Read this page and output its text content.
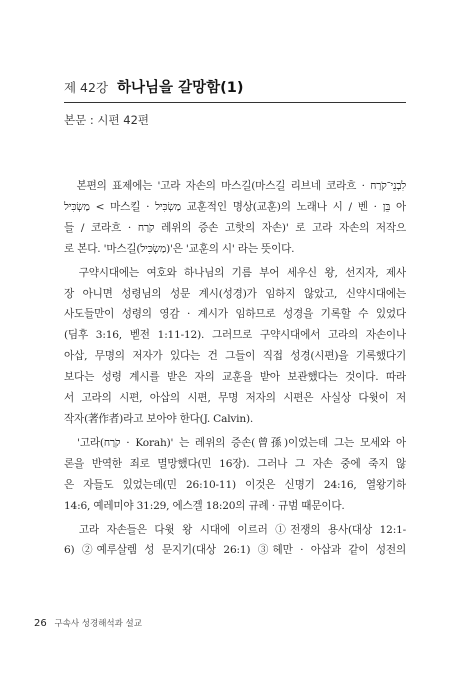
제 42강 하나님을 갈망함(1)
본문 : 시편 42편
　본편의 표제에는 '고라 자손의 마스길(마스길 리브네 코라흐 · לִבְנֵי־קֹרַח
מַשְׂכִּיל < 마스킬 · מַשְׂכִּיל 교훈적인 명상(교훈)의 노래나 시 / 벤 · בֵּן 아
들 / 코라흐 · קֹרַח 레위의 증손 고핫의 자손)' 로 고라 자손의 저작으
로 본다. '마스길(מַשְׂכִּיל)'은 '교훈의 시' 라는 뜻이다.
　구약시대에는 여호와 하나님의 기름 부어 세우신 왕, 선지자, 제사
장 아니면 성령님의 성문 계시(성경)가 임하지 않았고, 신약시대에는
사도들만이 성령의 영감 · 계시가 임하므로 성경을 기록할 수 있었다
(딤후 3:16, 벧전 1:11-12). 그러므로 구약시대에서 고라의 자손이나
아삽, 무명의 저자가 있다는 건 그들이 직접 성경(시편)을 기록했다기
보다는 성령 계시를 받은 자의 교훈을 받아 보관했다는 것이다. 따라
서 고라의 시편, 아삽의 시편, 무명 저자의 시편은 사실상 다윗이 저
작자(著作者)라고 보아야 한다(J. Calvin).
　'고라(קֹרַח · Korah)' 는 레위의 증손(曾孫)이었는데 그는 모세와 아
론을 반역한 죄로 멸망했다(민 16장). 그러나 그 자손 중에 죽지 않
은 자들도 있었는데(민 26:10-11) 이것은 신명기 24:16, 열왕기하
14:6, 예레미야 31:29, 에스겔 18:20의 규례 · 규범 때문이다.
　고라 자손들은 다윗 왕 시대에 이르러 ①전쟁의 용사(대상 12:1-
6) ②예루살렘 성 문지기(대상 26:1) ③헤만 · 아삽과 같이 성전의
26 구속사 성경해석과 설교
